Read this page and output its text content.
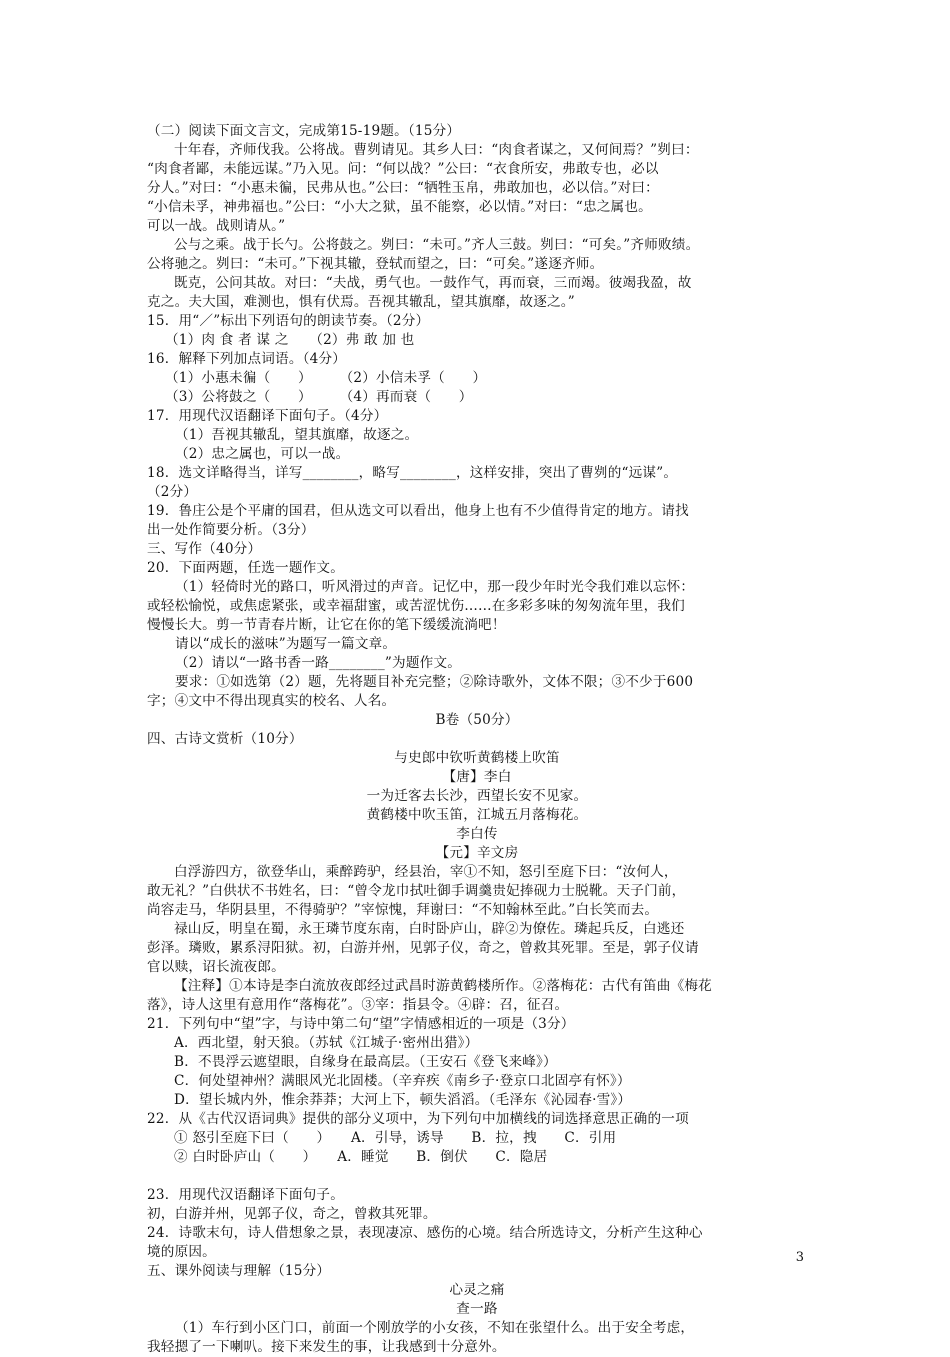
（二）阅读下面文言文，完成第15-19题。（15分）
十年春，齐师伐我。公将战。曹刿请见。其乡人曰：“肉食者谋之，又何间焉？”刿曰：
“肉食者鄙，未能远谋。”乃入见。问：“何以战？”公曰：“衣食所安，弗敢专也，必以
分人。”对曰：“小惠未徧，民弗从也。”公曰：“牺牲玉帛，弗敢加也，必以信。”对曰：
“小信未孚，神弗福也。”公曰：“小大之狱，虽不能察，必以情。”对曰：“忠之属也。
可以一战。战则请从。”
公与之乘。战于长勺。公将鼓之。刿曰：“未可。”齐人三鼓。刿曰：“可矣。”齐师败绩。
公将驰之。刿曰：“未可。”下视其辙，登轼而望之，曰：“可矣。”遂逐齐师。
既克，公问其故。对曰：“夫战，勇气也。一鼓作气，再而衰，三而竭。彼竭我盈，故
克之。夫大国，难测也，惧有伏焉。吾视其辙乱，望其旗靡，故逐之。”
15．用“／”标出下列语句的朗读节奏。（2分）
（1）肉 食 者 谋 之　　（2）弗 敢 加 也
16．解释下列加点词语。（4分）
（1）小惠未徧（　　）　　　（2）小信未孚（　　）
（3）公将鼓之（　　）　　　（4）再而衰（　　）
17．用现代汉语翻译下面句子。（4分）
（1）吾视其辙乱，望其旗靡，故逐之。
（2）忠之属也，可以一战。
18．选文详略得当，详写________，略写________，这样安排，突出了曹刿的“远谋”。
（2分）
19．鲁庄公是个平庸的国君，但从选文可以看出，他身上也有不少值得肯定的地方。请找
出一处作简要分析。（3分）
三、写作（40分）
20．下面两题，任选一题作文。
（1）轻倚时光的路口，听风滑过的声音。记忆中，那一段少年时光令我们难以忘怀：
或轻松愉悦，或焦虑紧张，或幸福甜蜜，或苦涩忧伤……在多彩多味的匆匆流年里，我们
慢慢长大。剪一节青春片断，让它在你的笔下缓缓流淌吧！
请以“成长的滋味”为题写一篇文章。
（2）请以“一路书香一路________”为题作文。
要求：①如选第（2）题，先将题目补充完整；②除诗歌外，文体不限；③不少于600
字；④文中不得出现真实的校名、人名。
B卷（50分）
四、古诗文赏析（10分）
与史郎中钦听黄鹤楼上吹笛
【唐】李白
一为迁客去长沙，西望长安不见家。
黄鹤楼中吹玉笛，江城五月落梅花。
李白传
【元】辛文房
白浮游四方，欲登华山，乘醉跨驴，经县治，宰①不知，怒引至庭下曰：“汝何人，
敢无礼？”白供状不书姓名，曰：“曾令龙巾拭吐御手调羹贵妃捧砚力士脱靴。天子门前，
尚容走马，华阴县里，不得骑驴？”宰惊愧，拜谢曰：“不知翰林至此。”白长笑而去。
禄山反，明皇在蜀，永王璘节度东南，白时卧庐山，辟②为僚佐。璘起兵反，白逃还
彭泽。璘败，累系浔阳狱。初，白游并州，见郭子仪，奇之，曾救其死罪。至是，郭子仪请
官以赎，诏长流夜郎。
【注释】①本诗是李白流放夜郎经过武昌时游黄鹤楼所作。②落梅花：古代有笛曲《梅花
落》，诗人这里有意用作“落梅花”。③宰：指县令。④辟：召，征召。
21．下列句中“望”字，与诗中第二句“望”字情感相近的一项是（3分）
A．西北望，射天狼。（苏轼《江城子·密州出猎》）
B．不畏浮云遮望眼，自缘身在最高层。（王安石《登飞来峰》）
C．何处望神州？满眼风光北固楼。（辛弃疾《南乡子·登京口北固亭有怀》）
D．望长城内外，惟余莽莽；大河上下，顿失滔滔。（毛泽东《沁园春·雪》）
22．从《古代汉语词典》提供的部分义项中，为下列句中加横线的词选择意思正确的一项
① 怒引至庭下曰（　　）　　A．引导，诱导　　B．拉，拽　　C．引用
② 白时卧庐山（　　）　　A．睡觉　　B．倒伏　　C．隐居
23．用现代汉语翻译下面句子。
初，白游并州，见郭子仪，奇之，曾救其死罪。
24．诗歌末句，诗人借想象之景，表现凄凉、感伤的心境。结合所选诗文，分析产生这种心
境的原因。
五、课外阅读与理解（15分）
心灵之痛
查一路
（1）车行到小区门口，前面一个刚放学的小女孩，不知在张望什么。出于安全考虑，
我轻摁了一下喇叭。接下来发生的事，让我感到十分意外。
3
